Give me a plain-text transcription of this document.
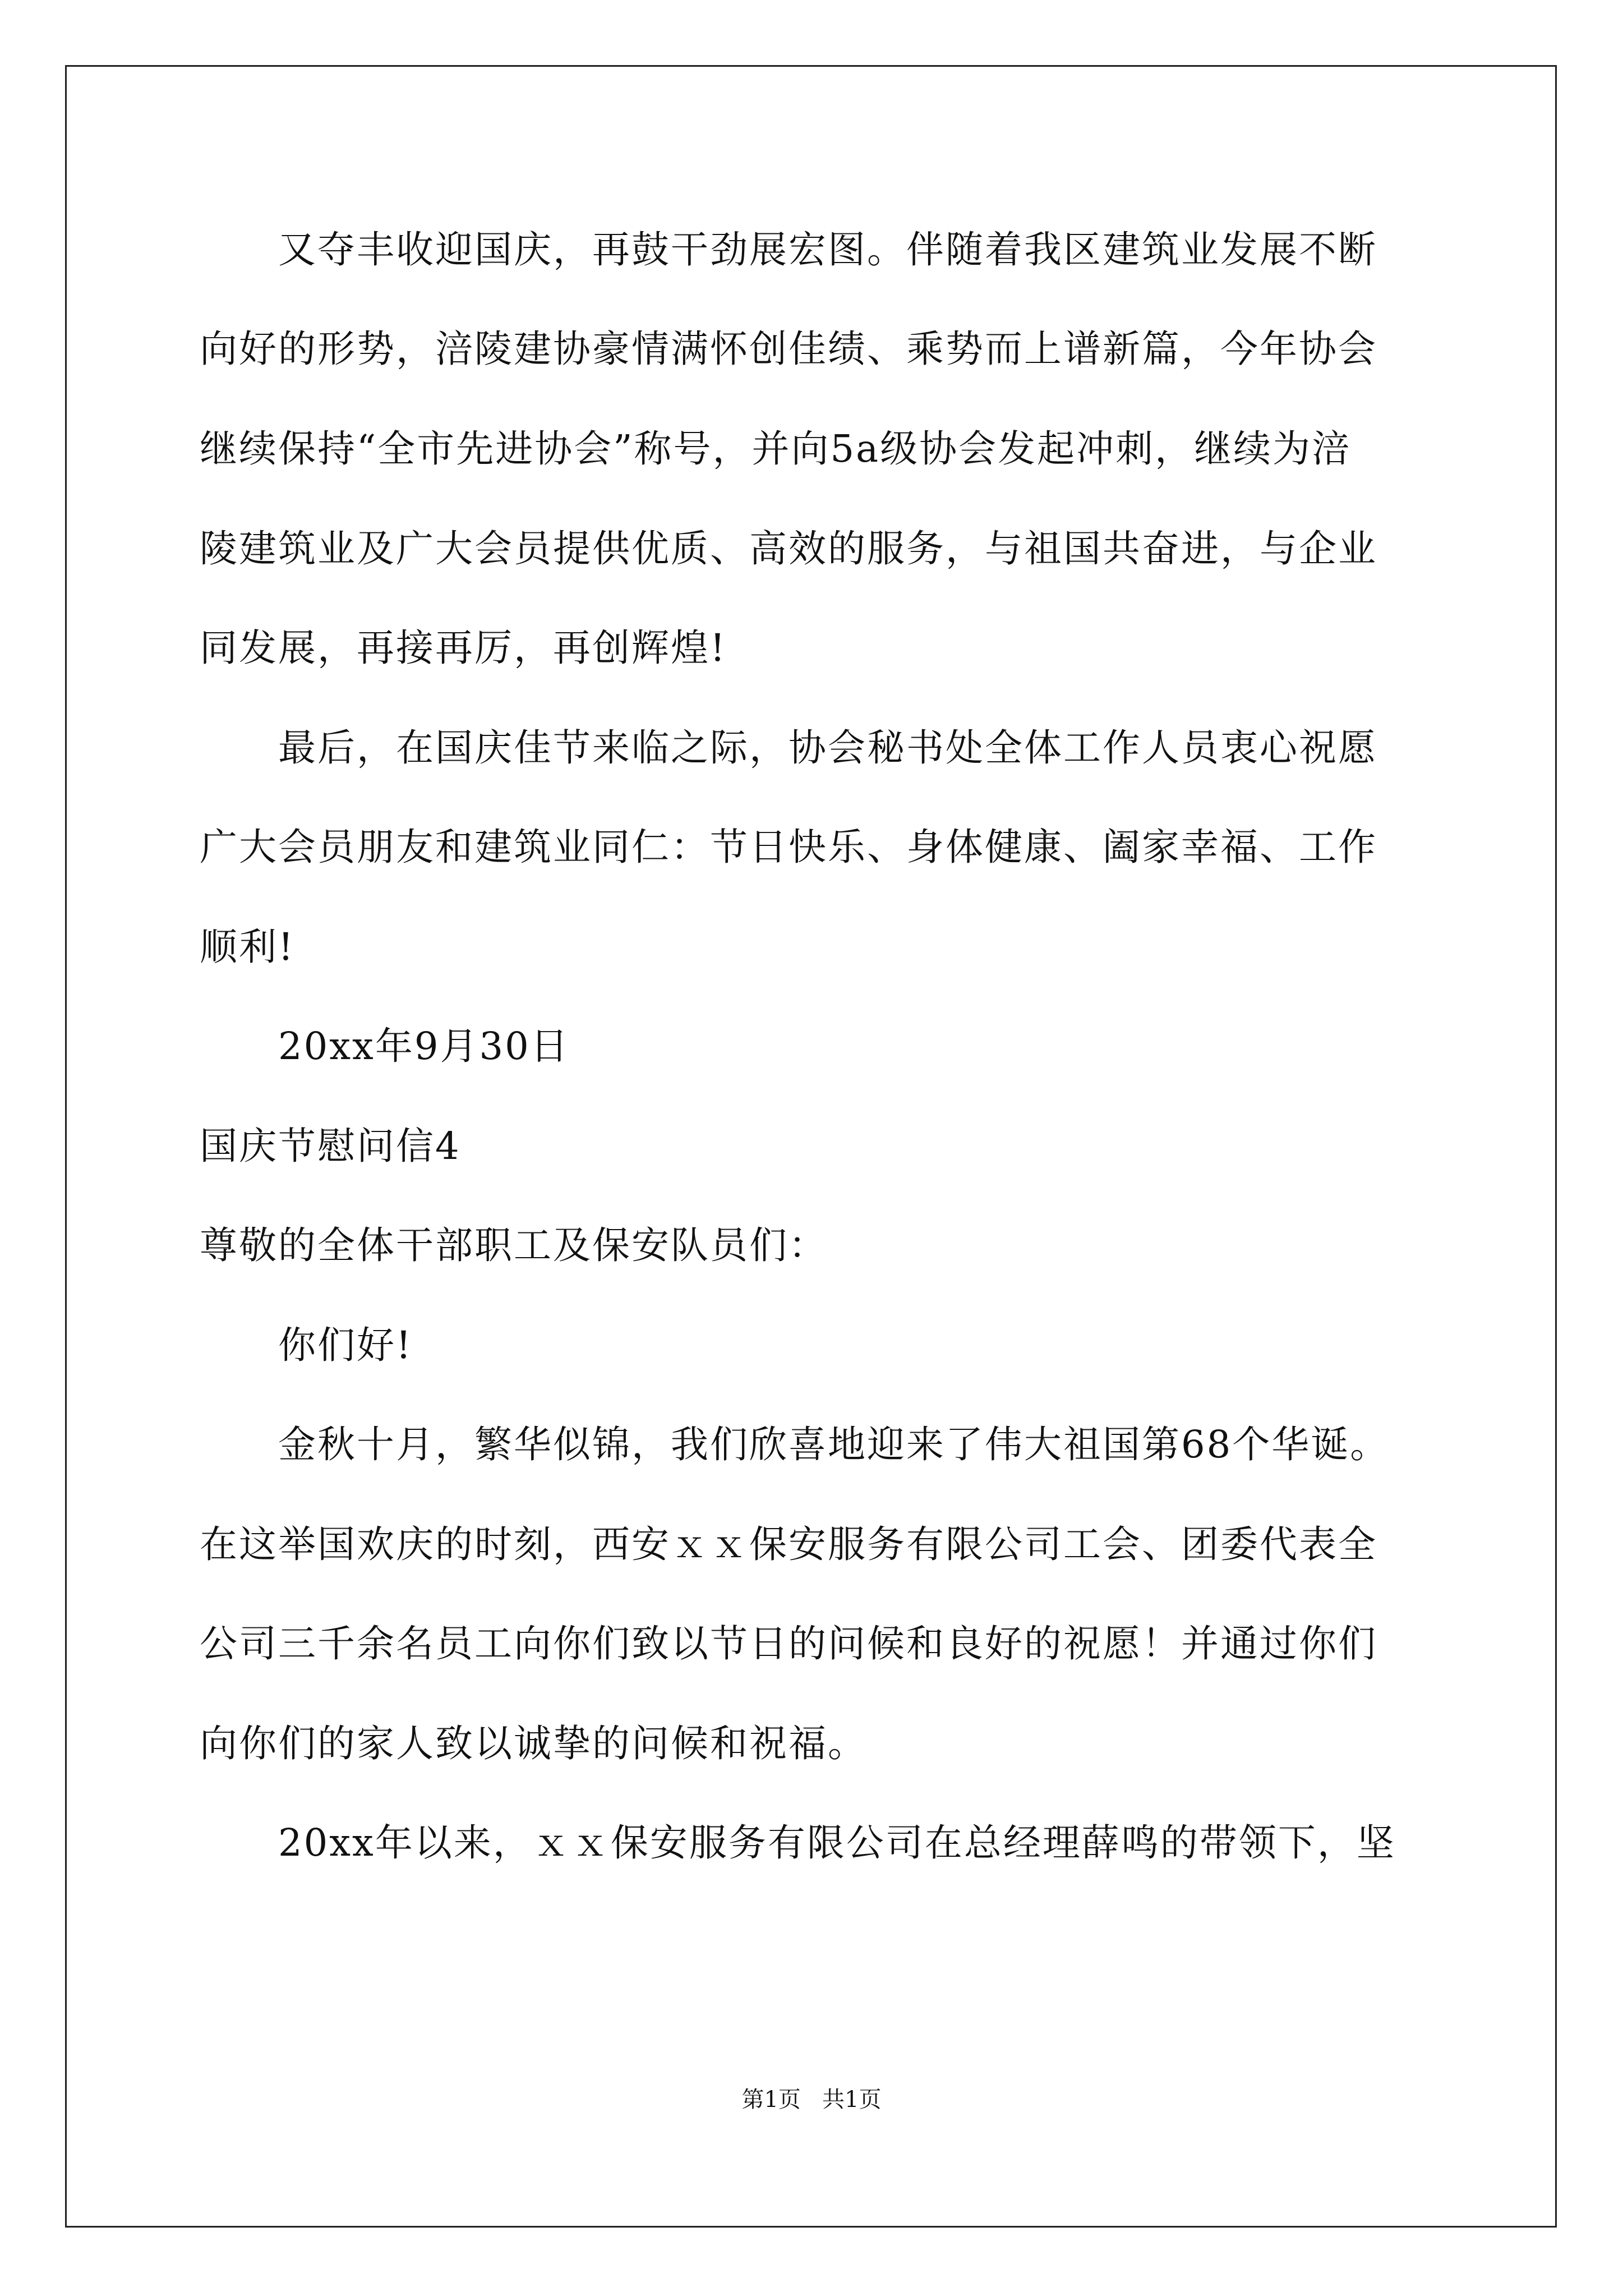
又夺丰收迎国庆，再鼓干劲展宏图。伴随着我区建筑业发展不断
向好的形势，涪陵建协豪情满怀创佳绩、乘势而上谱新篇，今年协会
继续保持“全市先进协会”称号，并向5a级协会发起冲刺，继续为涪
陵建筑业及广大会员提供优质、高效的服务，与祖国共奋进，与企业
同发展，再接再厉，再创辉煌!
最后，在国庆佳节来临之际，协会秘书处全体工作人员衷心祝愿
广大会员朋友和建筑业同仁：节日快乐、身体健康、阖家幸福、工作
顺利!
20xx年9月30日
国庆节慰问信4
尊敬的全体干部职工及保安队员们：
你们好!
金秋十月，繁华似锦，我们欣喜地迎来了伟大祖国第68个华诞。
在这举国欢庆的时刻，西安ｘｘ保安服务有限公司工会、团委代表全
公司三千余名员工向你们致以节日的问候和良好的祝愿！并通过你们
向你们的家人致以诚挚的问候和祝福。
20xx年以来，ｘｘ保安服务有限公司在总经理薛鸣的带领下，坚
第1页   共1页
